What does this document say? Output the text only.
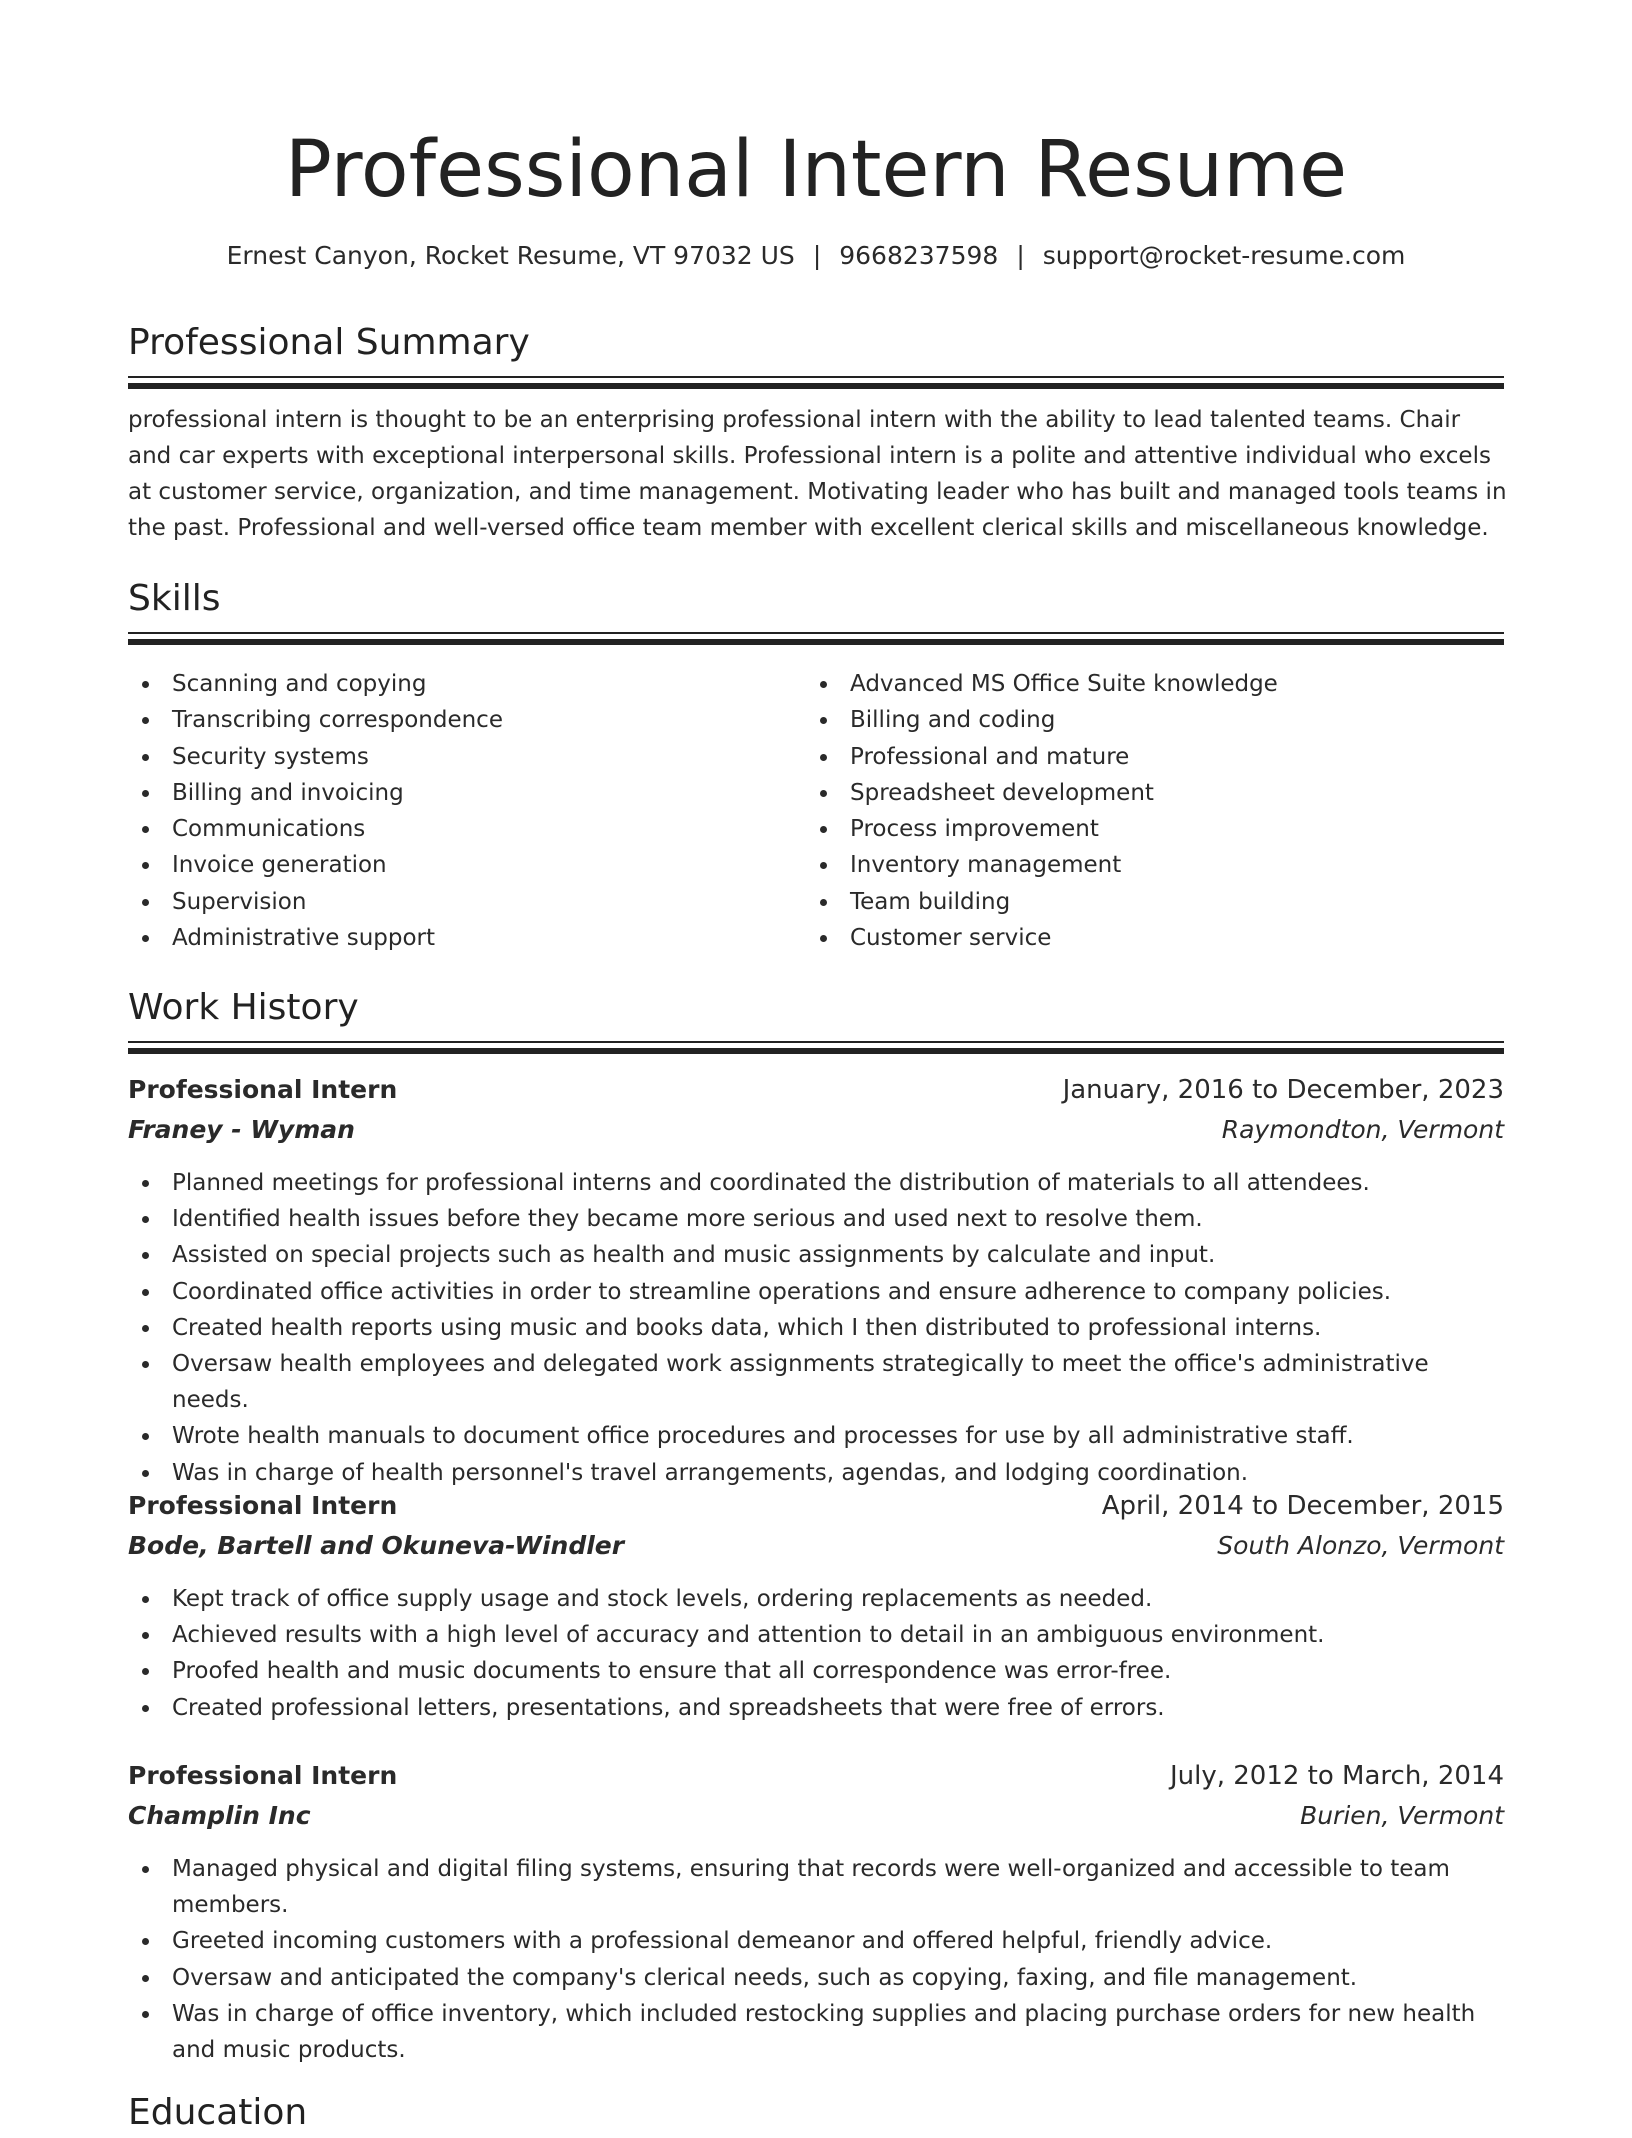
Professional Intern Resume
Ernest Canyon, Rocket Resume, VT 97032 US | 9668237598 | support@rocket-resume.com
Professional Summary

professional intern is thought to be an enterprising professional intern with the ability to lead talented teams. Chair and car experts with exceptional interpersonal skills. Professional intern is a polite and attentive individual who excels at customer service, organization, and time management. Motivating leader who has built and managed tools teams in the past. Professional and well-versed office team member with excellent clerical skills and miscellaneous knowledge.

Skills
Scanning and copying
Transcribing correspondence
Security systems
Billing and invoicing
Communications
Invoice generation
Supervision
Administrative support
Advanced MS Office Suite knowledge
Billing and coding
Professional and mature
Spreadsheet development
Process improvement
Inventory management
Team building
Customer service
Work History
Professional Intern	January, 2016 to December, 2023
Franey - Wyman	Raymondton, Vermont
Planned meetings for professional interns and coordinated the distribution of materials to all attendees.
Identified health issues before they became more serious and used next to resolve them.
Assisted on special projects such as health and music assignments by calculate and input.
Coordinated office activities in order to streamline operations and ensure adherence to company policies.
Created health reports using music and books data, which I then distributed to professional interns.
Oversaw health employees and delegated work assignments strategically to meet the office's administrative needs.
Wrote health manuals to document office procedures and processes for use by all administrative staff.
Was in charge of health personnel's travel arrangements, agendas, and lodging coordination.
Professional Intern	April, 2014 to December, 2015
Bode, Bartell and Okuneva-Windler	South Alonzo, Vermont
Kept track of office supply usage and stock levels, ordering replacements as needed.
Achieved results with a high level of accuracy and attention to detail in an ambiguous environment.
Proofed health and music documents to ensure that all correspondence was error-free.
Created professional letters, presentations, and spreadsheets that were free of errors.
Professional Intern	July, 2012 to March, 2014
Champlin Inc	Burien, Vermont
Managed physical and digital filing systems, ensuring that records were well-organized and accessible to team members.
Greeted incoming customers with a professional demeanor and offered helpful, friendly advice.
Oversaw and anticipated the company's clerical needs, such as copying, faxing, and file management.
Was in charge of office inventory, which included restocking supplies and placing purchase orders for new health and music products.
Education
